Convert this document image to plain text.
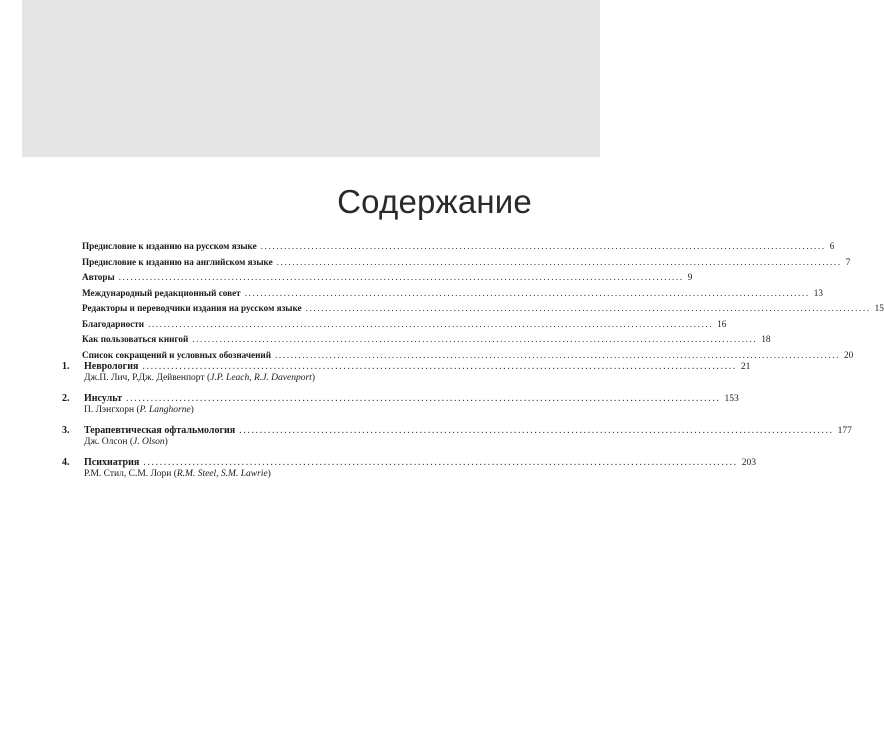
Содержание
Предисловие к изданию на русском языке ................................................................................................................................................. 6
Предисловие к изданию на английском языке ................................................................................................................................................. 7
Авторы ................................................................................................................................................. 9
Международный редакционный совет ................................................................................................................................................. 13
Редакторы и переводчики издания на русском языке ................................................................................................................................................. 15
Благодарности ................................................................................................................................................. 16
Как пользоваться книгой ................................................................................................................................................. 18
Список сокращений и условных обозначений ................................................................................................................................................. 20
1. Неврология ................................................................................................................................................. 21
Дж.П. Лич, Р.Дж. Дейвенпорт (J.P. Leach, R.J. Davenport)
2. Инсульт ................................................................................................................................................. 153
П. Лэнгхорн (P. Langhorne)
3. Терапевтическая офтальмология ................................................................................................................................................. 177
Дж. Олсон (J. Olson)
4. Психиатрия ................................................................................................................................................. 203
Р.М. Стил, С.М. Лори (R.M. Steel, S.M. Lawrie)
